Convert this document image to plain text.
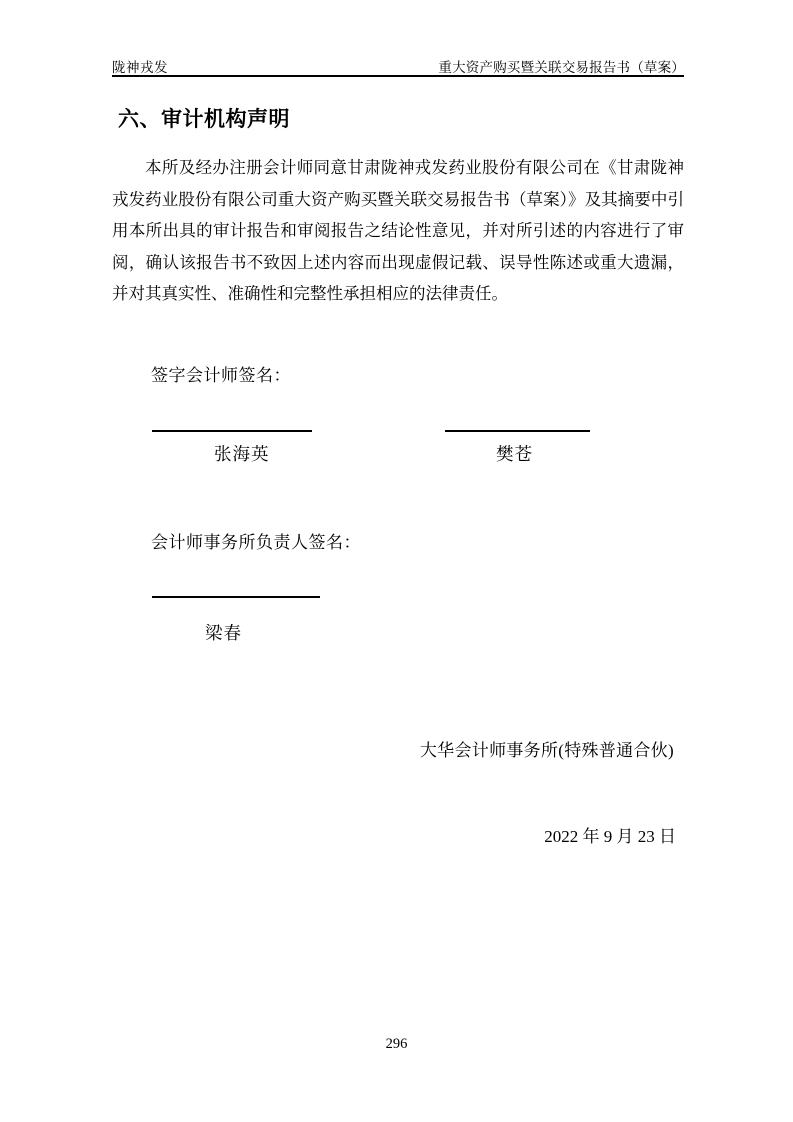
陇神戎发	重大资产购买暨关联交易报告书（草案）
六、审计机构声明

本所及经办注册会计师同意甘肃陇神戎发药业股份有限公司在《甘肃陇神戎发药业股份有限公司重大资产购买暨关联交易报告书（草案）》及其摘要中引用本所出具的审计报告和审阅报告之结论性意见，并对所引述的内容进行了审阅，确认该报告书不致因上述内容而出现虚假记载、误导性陈述或重大遗漏，并对其真实性、准确性和完整性承担相应的法律责任。

签字会计师签名：
张海英	樊苍
会计师事务所负责人签名：
梁春
大华会计师事务所(特殊普通合伙)
2022 年 9 月 23 日
296
